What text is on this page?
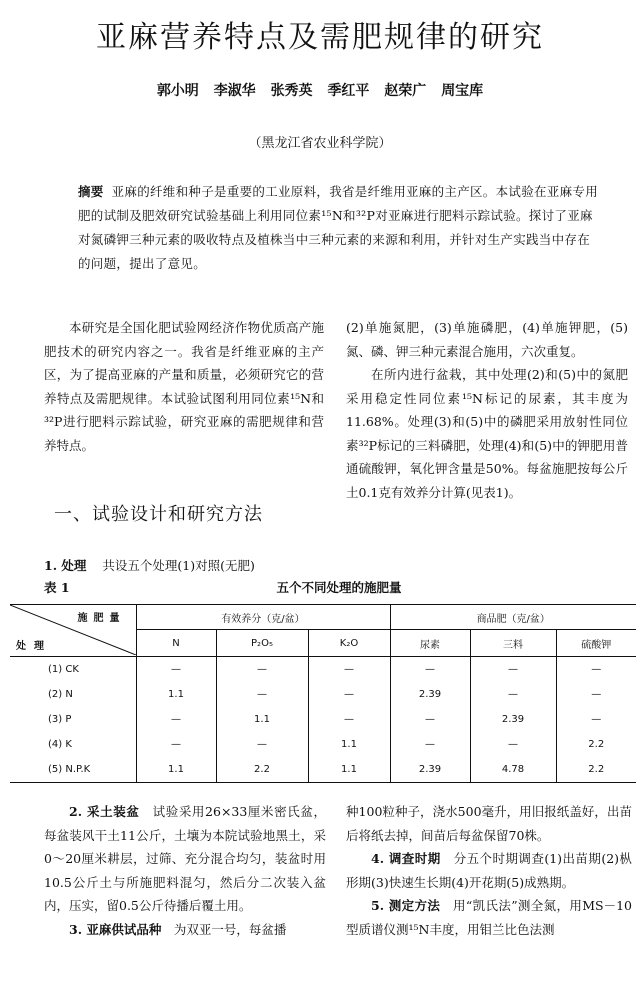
亚麻营养特点及需肥规律的研究
郭小明 李淑华 张秀英 季红平 赵荣广 周宝库
（黑龙江省农业科学院）
摘要 亚麻的纤维和种子是重要的工业原料，我省是纤维用亚麻的主产区。本试验在亚麻专用肥的试制及肥效研究试验基础上利用同位素¹⁵N和³²P对亚麻进行肥料示踪试验。探讨了亚麻对氮磷钾三种元素的吸收特点及植株当中三种元素的来源和利用，并针对生产实践当中存在的问题，提出了意见。

本研究是全国化肥试验网经济作物优质高产施肥技术的研究内容之一。我省是纤维亚麻的主产区，为了提高亚麻的产量和质量，必须研究它的营养特点及需肥规律。本试验试图利用同位素¹⁵N和³²P进行肥料示踪试验，研究亚麻的需肥规律和营养特点。

(2)单施氮肥，(3)单施磷肥，(4)单施钾肥，(5)氮、磷、钾三种元素混合施用，六次重复。

在所内进行盆栽，其中处理(2)和(5)中的氮肥采用稳定性同位素¹⁵N标记的尿素，其丰度为11.68%。处理(3)和(5)中的磷肥采用放射性同位素³²P标记的三料磷肥，处理(4)和(5)中的钾肥用普通硫酸钾，氧化钾含量是50%。每盆施肥按每公斤土0.1克有效养分计算(见表1)。

一、试验设计和研究方法
1. 处理 共设五个处理(1)对照(无肥)
五个不同处理的施肥量
表 1
施肥量
处理	有效养分（克/盆）			商品肥（克/盆）		
	N	P₂O₅	K₂O	尿素	三料	硫酸钾
(1) CK	—	—	—	—	—	—
(2) N	1.1	—	—	2.39	—	—
(3) P	—	1.1	—	—	2.39	—
(4) K	—	—	1.1	—	—	2.2
(5) N.P.K	1.1	2.2	1.1	2.39	4.78	2.2

2. 采土装盆　 试验采用26×33厘米密氏盆，每盆装风干土11公斤，土壤为本院试验地黑土，采0～20厘米耕层，过筛、充分混合均匀，装盆时用10.5公斤土与所施肥料混匀，然后分二次装入盆内，压实，留0.5公斤待播后覆土用。

3. 亚麻供试品种　 为双亚一号，每盆播

种100粒种子，浇水500毫升，用旧报纸盖好，出苗后将纸去掉，间苗后每盆保留70株。

4. 调查时期　 分五个时期调查(1)出苗期(2)枞形期(3)快速生长期(4)开花期(5)成熟期。

5. 测定方法　 用“凯氏法”测全氮，用MS－10型质谱仪测¹⁵N丰度，用钼兰比色法测
